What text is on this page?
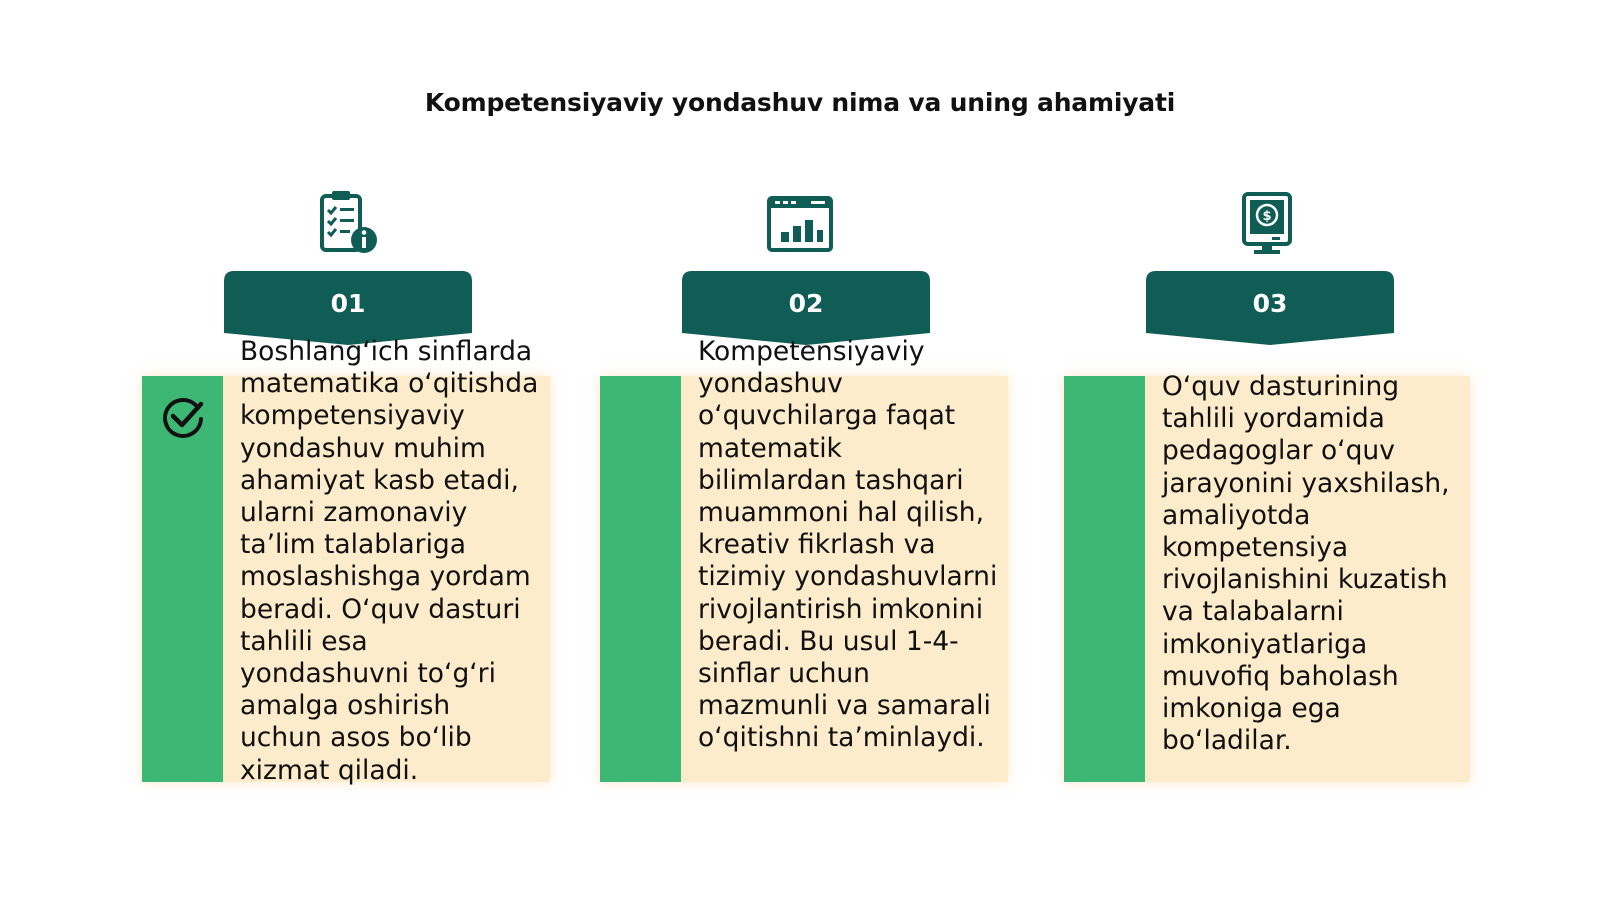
Kompetensiyaviy yondashuv nima va uning ahamiyati
01
Boshlang‘ich sinflarda matematika o‘qitishda kompetensiyaviy yondashuv muhim ahamiyat kasb etadi, ularni zamonaviy ta’lim talablariga moslashishga yordam beradi. O‘quv dasturi tahlili esa yondashuvni to‘g‘ri amalga oshirish uchun asos bo‘lib xizmat qiladi.
02
Kompetensiyaviy yondashuv o‘quvchilarga faqat matematik bilimlardan tashqari muammoni hal qilish, kreativ fikrlash va tizimiy yondashuvlarni rivojlantirish imkonini beradi. Bu usul 1-4-sinflar uchun mazmunli va samarali o‘qitishni ta’minlaydi.
$
03
O‘quv dasturining tahlili yordamida pedagoglar o‘quv jarayonini yaxshilash, amaliyotda kompetensiya rivojlanishini kuzatish va talabalarni imkoniyatlariga muvofiq baholash imkoniga ega bo‘ladilar.
